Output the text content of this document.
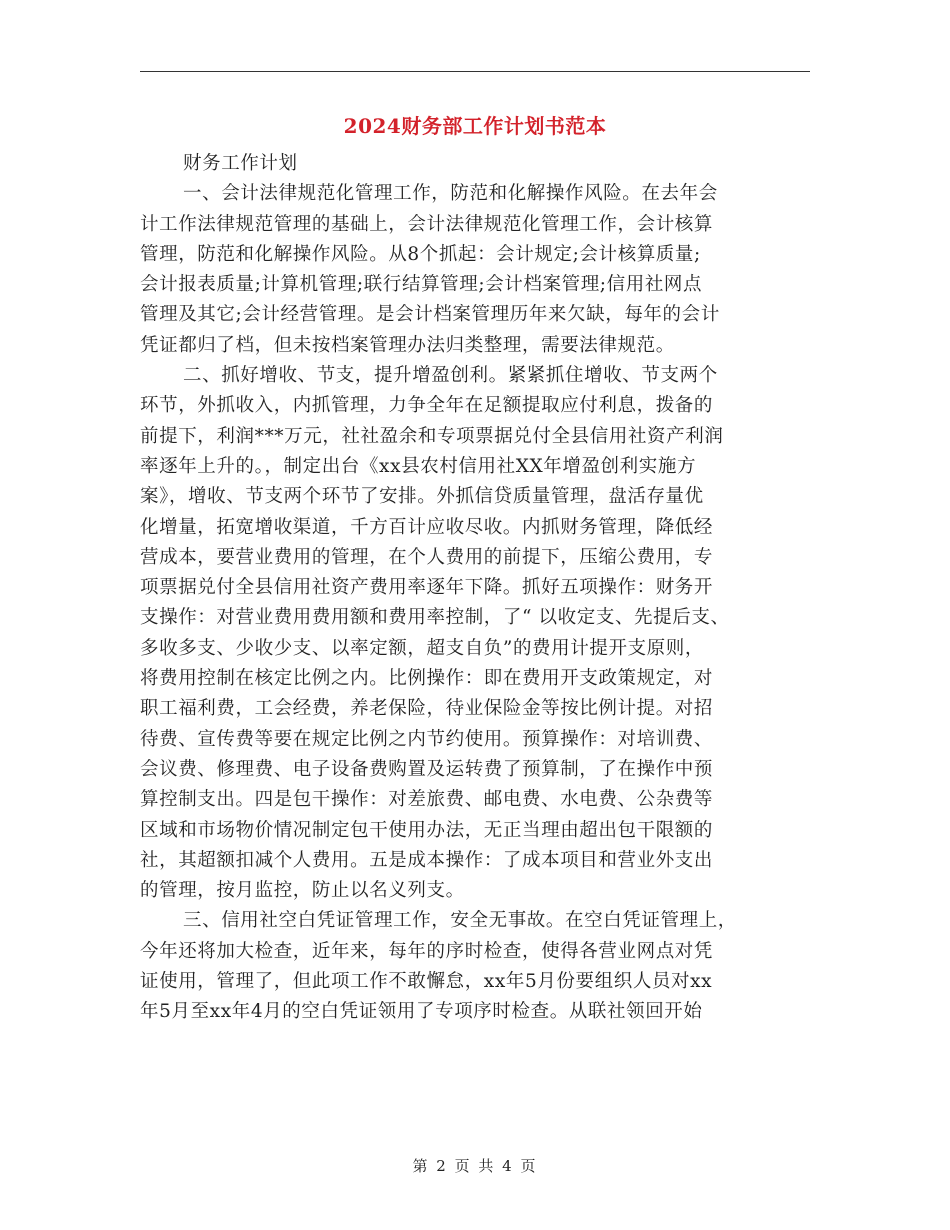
2024财务部工作计划书范本
财务工作计划
一、会计法律规范化管理工作，防范和化解操作风险。在去年会
计工作法律规范管理的基础上，会计法律规范化管理工作，会计核算
管理，防范和化解操作风险。从8个抓起：会计规定;会计核算质量;
会计报表质量;计算机管理;联行结算管理;会计档案管理;信用社网点
管理及其它;会计经营管理。是会计档案管理历年来欠缺，每年的会计
凭证都归了档，但未按档案管理办法归类整理，需要法律规范。
二、抓好增收、节支，提升增盈创利。紧紧抓住增收、节支两个
环节，外抓收入，内抓管理，力争全年在足额提取应付利息，拨备的
前提下，利润***万元，社社盈余和专项票据兑付全县信用社资产利润
率逐年上升的。，制定出台《xx县农村信用社XX年增盈创利实施方
案》，增收、节支两个环节了安排。外抓信贷质量管理，盘活存量优
化增量，拓宽增收渠道，千方百计应收尽收。内抓财务管理，降低经
营成本，要营业费用的管理，在个人费用的前提下，压缩公费用，专
项票据兑付全县信用社资产费用率逐年下降。抓好五项操作：财务开
支操作：对营业费用费用额和费用率控制，了“ 以收定支、先提后支、
多收多支、少收少支、以率定额，超支自负”的费用计提开支原则，
将费用控制在核定比例之内。比例操作：即在费用开支政策规定，对
职工福利费，工会经费，养老保险，待业保险金等按比例计提。对招
待费、宣传费等要在规定比例之内节约使用。预算操作：对培训费、
会议费、修理费、电子设备费购置及运转费了预算制，了在操作中预
算控制支出。四是包干操作：对差旅费、邮电费、水电费、公杂费等
区域和市场物价情况制定包干使用办法，无正当理由超出包干限额的
社，其超额扣减个人费用。五是成本操作：了成本项目和营业外支出
的管理，按月监控，防止以名义列支。
三、信用社空白凭证管理工作，安全无事故。在空白凭证管理上，
今年还将加大检查，近年来，每年的序时检查，使得各营业网点对凭
证使用，管理了，但此项工作不敢懈怠，xx年5月份要组织人员对xx
年5月至xx年4月的空白凭证领用了专项序时检查。从联社领回开始
第 2 页 共 4 页
